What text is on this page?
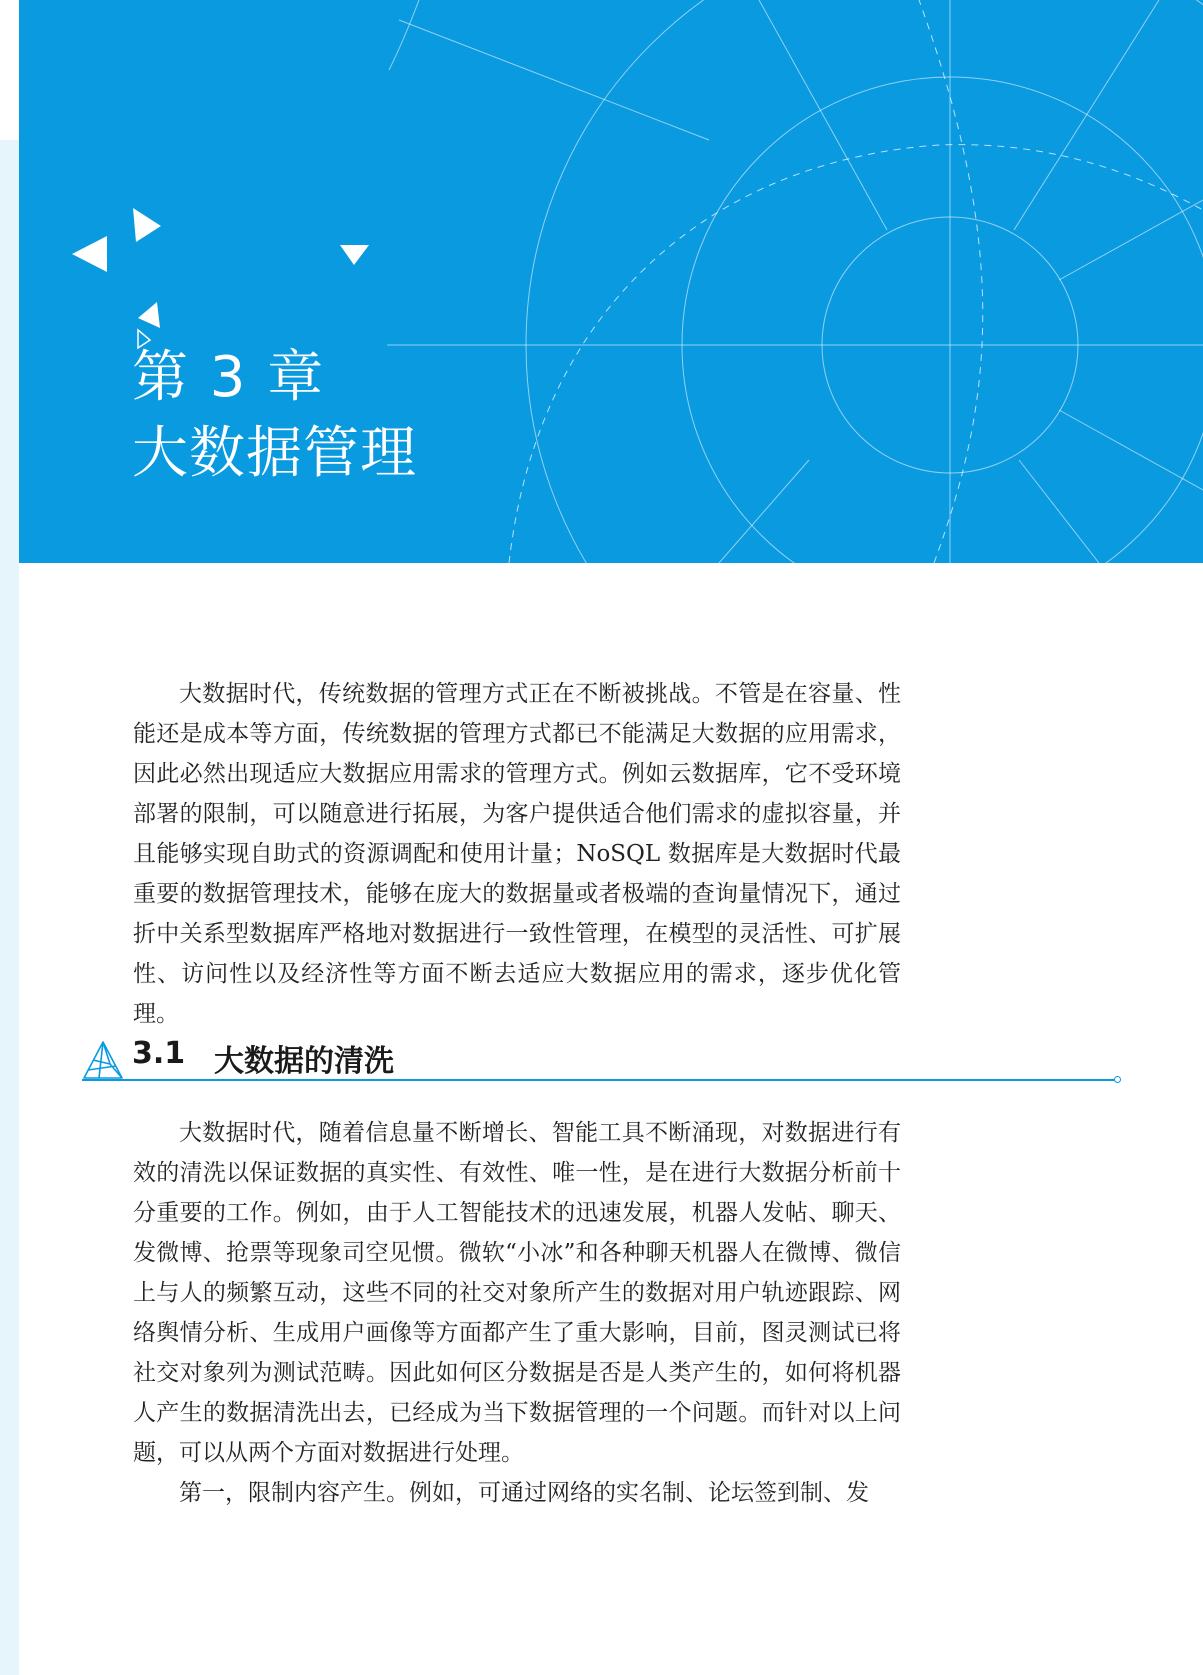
第 3 章
大数据管理

大数据时代，传统数据的管理方式正在不断被挑战。不管是在容量、性能还是成本等方面，传统数据的管理方式都已不能满足大数据的应用需求，因此必然出现适应大数据应用需求的管理方式。例如云数据库，它不受环境部署的限制，可以随意进行拓展，为客户提供适合他们需求的虚拟容量，并且能够实现自助式的资源调配和使用计量；NoSQL 数据库是大数据时代最重要的数据管理技术，能够在庞大的数据量或者极端的查询量情况下，通过折中关系型数据库严格地对数据进行一致性管理，在模型的灵活性、可扩展性、访问性以及经济性等方面不断去适应大数据应用的需求，逐步优化管理。

3.1 大数据的清洗

大数据时代，随着信息量不断增长、智能工具不断涌现，对数据进行有效的清洗以保证数据的真实性、有效性、唯一性，是在进行大数据分析前十分重要的工作。例如，由于人工智能技术的迅速发展，机器人发帖、聊天、发微博、抢票等现象司空见惯。微软“小冰”和各种聊天机器人在微博、微信上与人的频繁互动，这些不同的社交对象所产生的数据对用户轨迹跟踪、网络舆情分析、生成用户画像等方面都产生了重大影响，目前，图灵测试已将社交对象列为测试范畴。因此如何区分数据是否是人类产生的，如何将机器人产生的数据清洗出去，已经成为当下数据管理的一个问题。而针对以上问题，可以从两个方面对数据进行处理。

第一，限制内容产生。例如，可通过网络的实名制、论坛签到制、发
